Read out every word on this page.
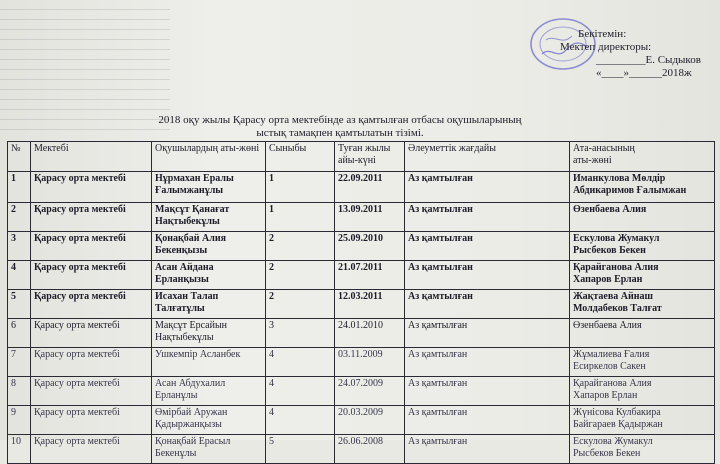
Бекітемін:
Мектеп директоры:
_________Е. Сыдыков
«____»______2018ж
2018 оқу жылы Қарасу орта мектебінде аз қамтылған отбасы оқушыларының
ыстық тамақпен қамтылатын тізімі.
№	Мектебі	Оқушылардың аты-жөні	Сыныбы	Туған жылы
айы-күні	Әлеуметтік жағдайы	Ата-анасының
аты-жөні

1	Қарасу орта мектебі	Нұрмахан Ералы
Ғалымжанұлы	1	22.09.2011	Аз қамтылған	Иманкулова Мөлдір
Абдикаримов Ғалымжан

2	Қарасу орта мектебі	Мақсұт Қанағат
Нақтыбекұлы	1	13.09.2011	Аз қамтылған	Өзенбаева Алия

3	Қарасу орта мектебі	Қонақбай Алия
Бекенқызы	2	25.09.2010	Аз қамтылған	Ескулова Жумакул
Рысбеков Бекен

4	Қарасу орта мектебі	Асан Айдана
Ерланқызы	2	21.07.2011	Аз қамтылған	Қарайганова Алия
Хапаров Ерлан

5	Қарасу орта мектебі	Исахан Талап
Талғатұлы	2	12.03.2011	Аз қамтылған	Жақтаева Айнаш
Молдабеков Талғат

6	Қарасу орта мектебі	Мақсұт Ерсайын
Нақтыбекұлы	3	24.01.2010	Аз қамтылған	Өзенбаева Алия

7	Қарасу орта мектебі	Ушкемпір Асланбек	4	03.11.2009	Аз қамтылған	Жұмалиева Ғалия
Есиркелов Сакен

8	Қарасу орта мектебі	Асан Абдухалил
Ерланұлы	4	24.07.2009	Аз қамтылған	Қарайганова Алия
Хапаров Ерлан

9	Қарасу орта мектебі	Өмірбай Аружан
Қадыржанқызы	4	20.03.2009	Аз қамтылған	Жүнісова Кулбакира
Байгараев Қадыржан

10	Қарасу орта мектебі	Қонақбай Ерасыл
Бекенұлы	5	26.06.2008	Аз қамтылған	Ескулова Жумакул
Рысбеков Бекен
